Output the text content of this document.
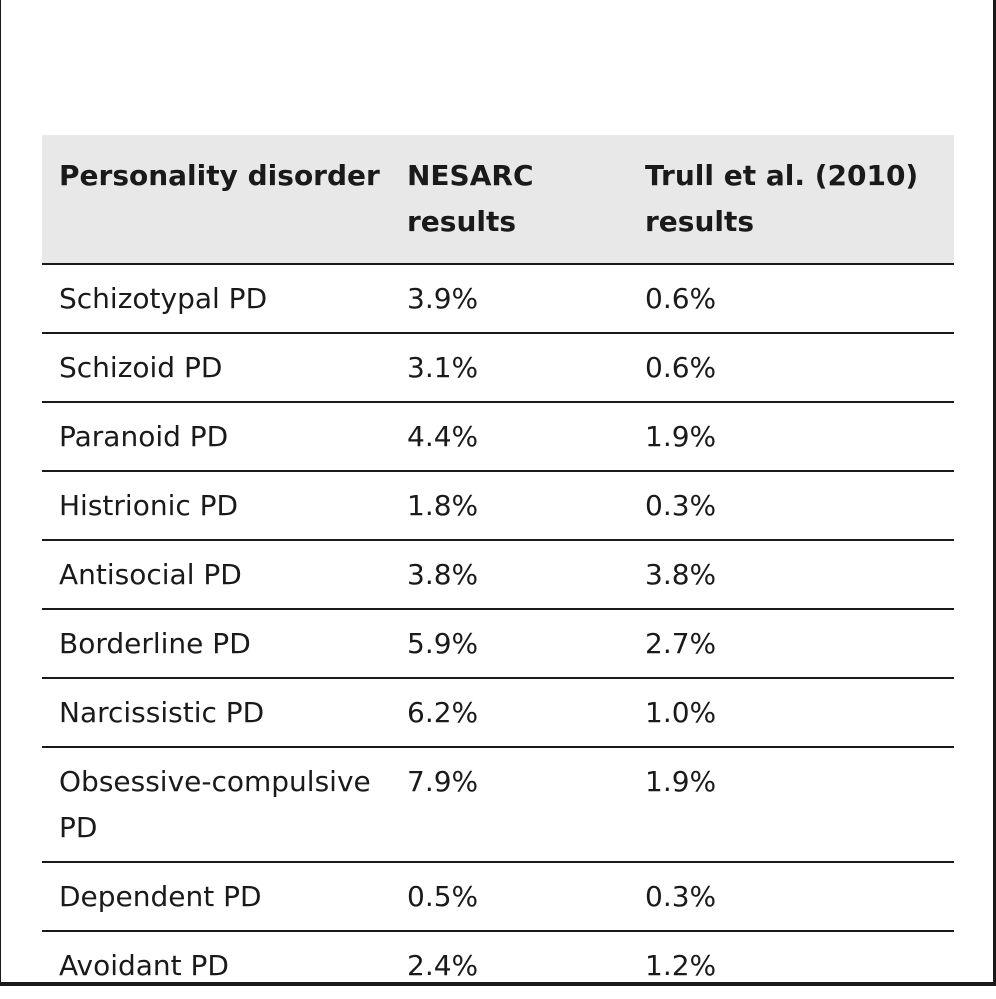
Personality disorder	NESARC results	Trull et al. (2010) results
Schizotypal PD	3.9%	0.6%
Schizoid PD	3.1%	0.6%
Paranoid PD	4.4%	1.9%
Histrionic PD	1.8%	0.3%
Antisocial PD	3.8%	3.8%
Borderline PD	5.9%	2.7%
Narcissistic PD	6.2%	1.0%
Obsessive-compulsive PD	7.9%	1.9%
Dependent PD	0.5%	0.3%
Avoidant PD	2.4%	1.2%
